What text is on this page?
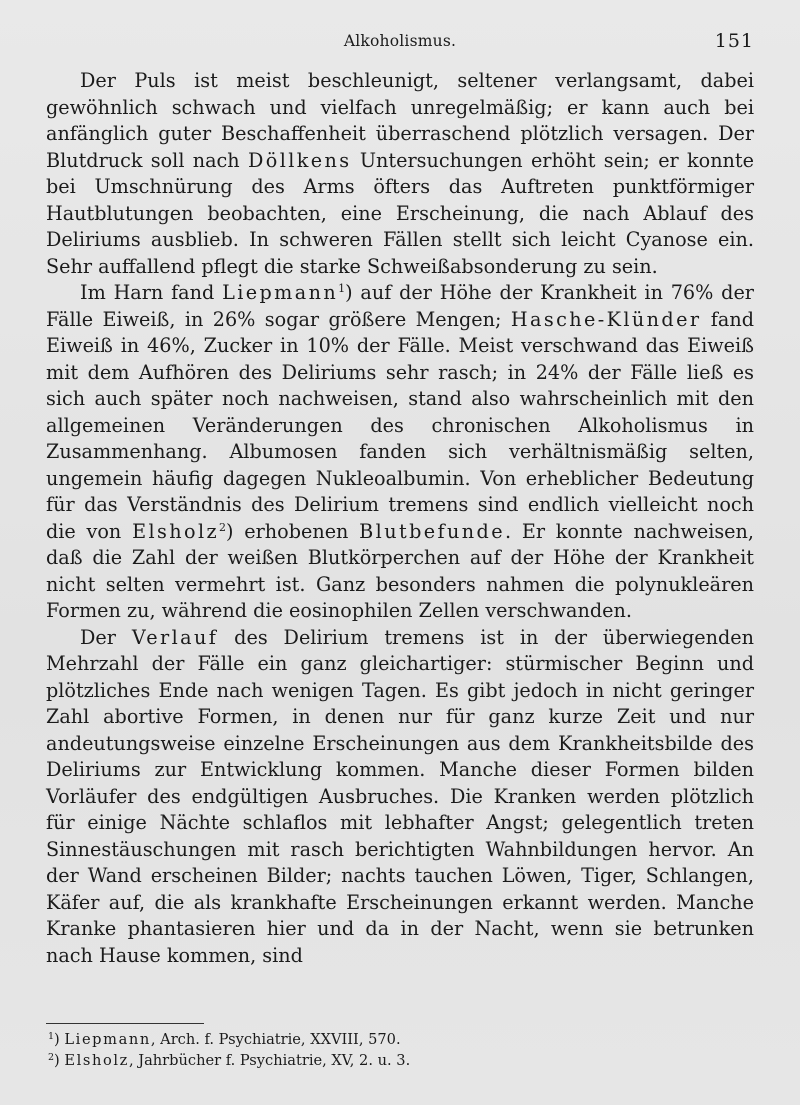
Alkoholismus.	151

Der Puls ist meist beschleunigt, seltener verlangsamt, dabei gewöhnlich schwach und vielfach unregelmäßig; er kann auch bei anfänglich guter Beschaffenheit überraschend plötzlich versagen. Der Blutdruck soll nach Döllkens Untersuchungen erhöht sein; er konnte bei Umschnürung des Arms öfters das Auftreten punktförmiger Hautblutungen beobachten, eine Erscheinung, die nach Ablauf des Deliriums ausblieb. In schweren Fällen stellt sich leicht Cyanose ein. Sehr auffallend pflegt die starke Schweißabsonderung zu sein.

Im Harn fand Liepmann$^1$) auf der Höhe der Krankheit in 76% der Fälle Eiweiß, in 26% sogar größere Mengen; Hasche-Klünder fand Eiweiß in 46%, Zucker in 10% der Fälle. Meist verschwand das Eiweiß mit dem Aufhören des Deliriums sehr rasch; in 24% der Fälle ließ es sich auch später noch nachweisen, stand also wahrscheinlich mit den allgemeinen Veränderungen des chronischen Alkoholismus in Zusammenhang. Albumosen fanden sich verhältnismäßig selten, ungemein häufig dagegen Nukleoalbumin. Von erheblicher Bedeutung für das Verständnis des Delirium tremens sind endlich vielleicht noch die von Elsholz$^2$) erhobenen Blutbefunde. Er konnte nachweisen, daß die Zahl der weißen Blutkörperchen auf der Höhe der Krankheit nicht selten vermehrt ist. Ganz besonders nahmen die polynukleären Formen zu, während die eosinophilen Zellen verschwanden.

Der Verlauf des Delirium tremens ist in der überwiegenden Mehrzahl der Fälle ein ganz gleichartiger: stürmischer Beginn und plötzliches Ende nach wenigen Tagen. Es gibt jedoch in nicht geringer Zahl abortive Formen, in denen nur für ganz kurze Zeit und nur andeutungsweise einzelne Erscheinungen aus dem Krankheitsbilde des Deliriums zur Entwicklung kommen. Manche dieser Formen bilden Vorläufer des endgültigen Ausbruches. Die Kranken werden plötzlich für einige Nächte schlaflos mit lebhafter Angst; gelegentlich treten Sinnestäuschungen mit rasch berichtigten Wahnbildungen hervor. An der Wand erscheinen Bilder; nachts tauchen Löwen, Tiger, Schlangen, Käfer auf, die als krankhafte Erscheinungen erkannt werden. Manche Kranke phantasieren hier und da in der Nacht, wenn sie betrunken nach Hause kommen, sind

$^1$) Liepmann, Arch. f. Psychiatrie, XXVIII, 570.
$^2$) Elsholz, Jahrbücher f. Psychiatrie, XV, 2. u. 3.
